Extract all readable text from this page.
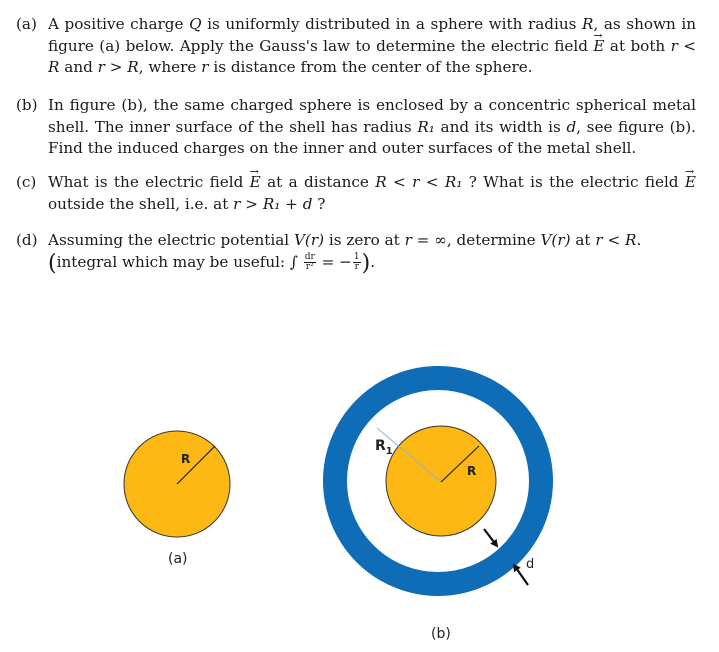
(a) A positive charge Q is uniformly distributed in a sphere with radius R, as shown in figure (a) below. Apply the Gauss's law to determine the electric field → E at both r < R and r > R, where r is distance from the center of the sphere.
(b) In figure (b), the same charged sphere is enclosed by a concentric spherical metal shell. The inner surface of the shell has radius R₁ and its width is d, see figure (b). Find the induced charges on the inner and outer surfaces of the metal shell.
(c) What is the electric field → E at a distance R < r < R₁ ? What is the electric field → E outside the shell, i.e. at r > R₁ + d ?
(d) Assuming the electric potential V(r) is zero at r = ∞, determine V(r) at r < R.
(integral which may be useful: ∫ $\frac{dr}{\text{r²}}$ = − $\frac{1}{r}$ ).
R
(a)
R
$R_1$
d
(b)
